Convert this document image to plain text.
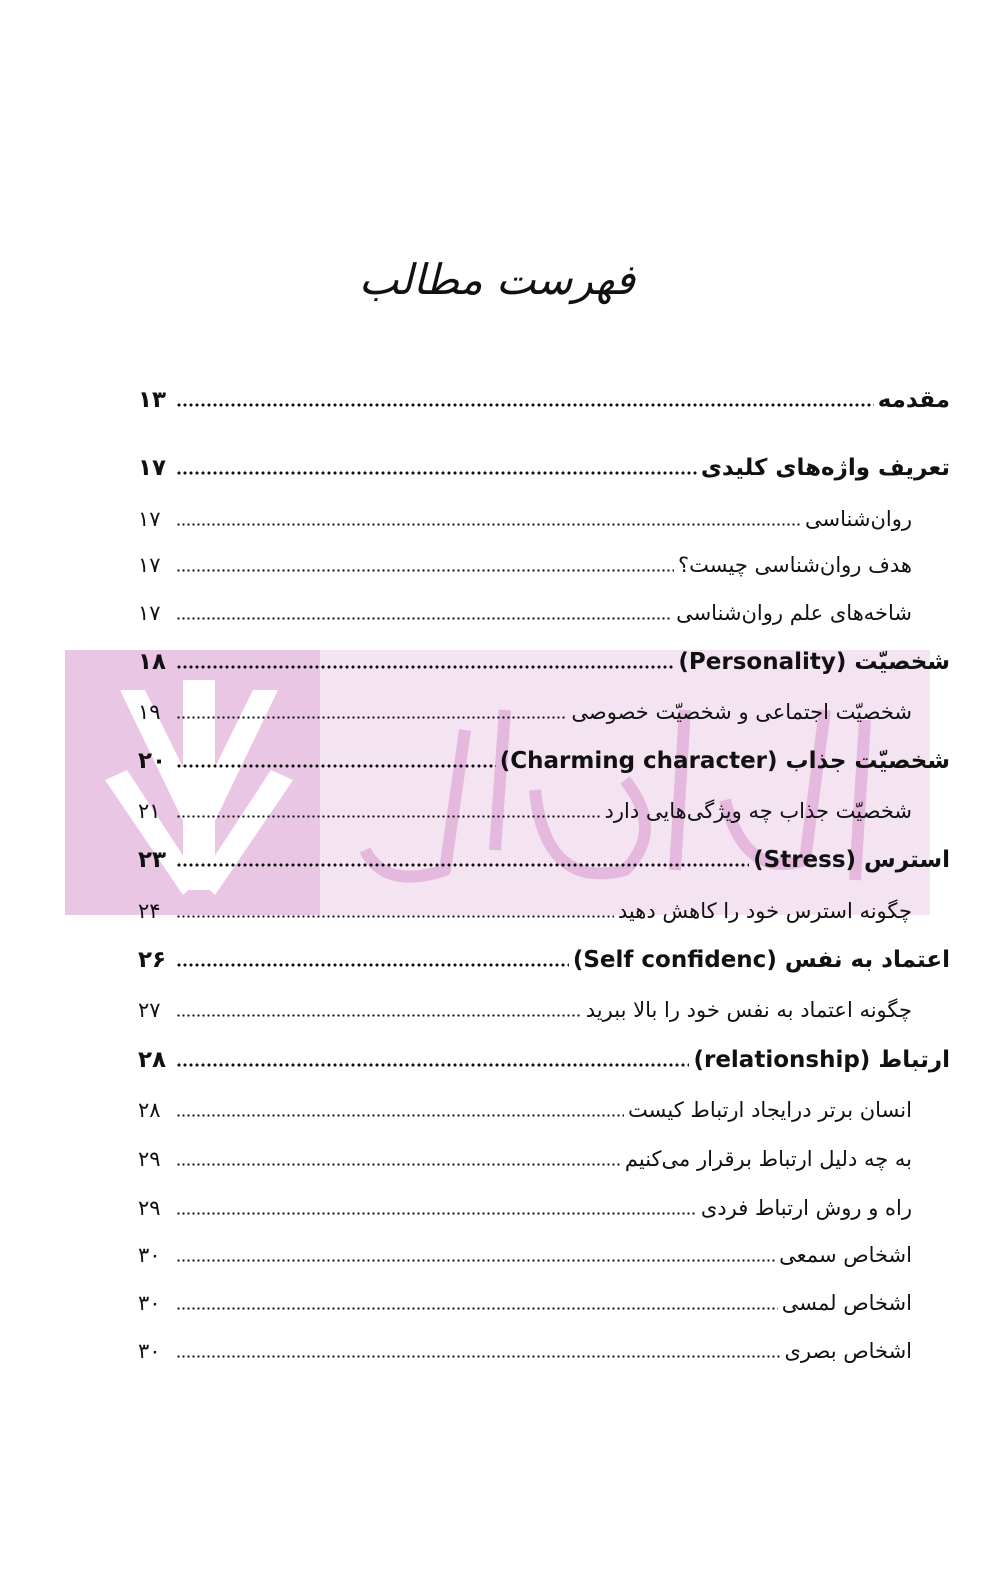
فهرست مطالب
مقدمه
۱۳
تعریف واژه‌های کلیدی
۱۷
روان‌شناسی
۱۷
هدف روان‌شناسی چیست؟
۱۷
شاخه‌های علم روان‌شناسی
۱۷
شخصیّت (Personality)
۱۸
شخصیّت اجتماعی و شخصیّت خصوصی
۱۹
شخصیّت جذاب (Charming character)
۲۰
شخصیّت جذاب چه ویژگی‌هایی دارد
۲۱
استرس (Stress)
۲۳
چگونه استرس خود را کاهش دهید
۲۴
اعتماد به نفس (Self confidenc)
۲۶
چگونه اعتماد به نفس خود را بالا ببرید
۲۷
ارتباط (relationship)
۲۸
انسان برتر درایجاد ارتباط کیست
۲۸
به چه دلیل ارتباط برقرار می‌کنیم
۲۹
راه و روش ارتباط فردی
۲۹
اشخاص سمعی
۳۰
اشخاص لمسی
۳۰
اشخاص بصری
۳۰
